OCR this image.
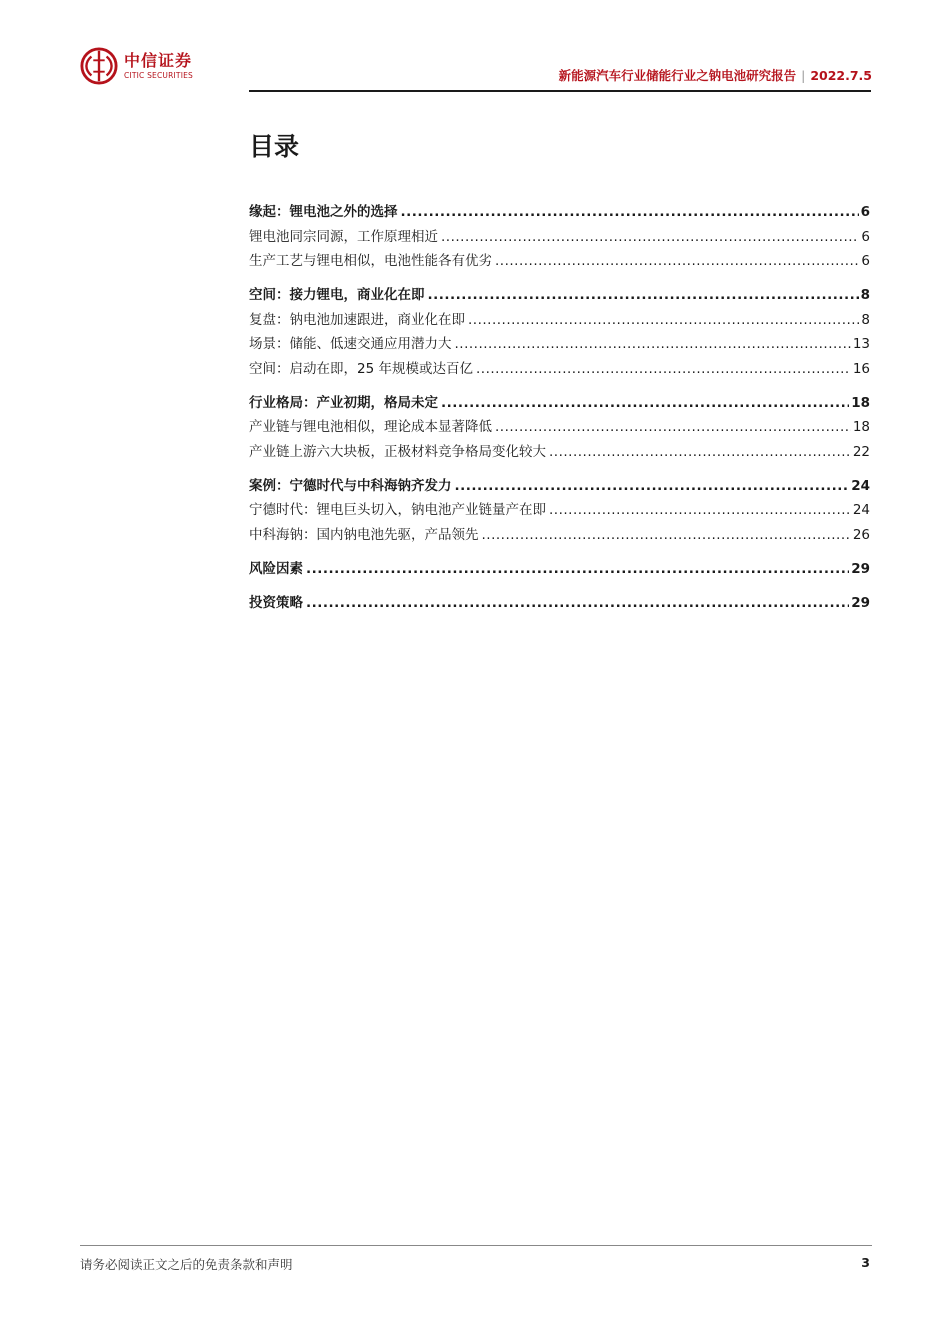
中信证券
CITIC SECURITIES	新能源汽车行业储能行业之钠电池研究报告 | 2022.7.5
目录
缘起：锂电池之外的选择 .....	6
锂电池同宗同源，工作原理相近 .....	6
生产工艺与锂电相似，电池性能各有优劣 .....	6
空间：接力锂电，商业化在即 .....	8
复盘：钠电池加速跟进，商业化在即 .....	8
场景：储能、低速交通应用潜力大 .....	13
空间：启动在即，25 年规模或达百亿 .....	16
行业格局：产业初期，格局未定 .....	18
产业链与锂电池相似，理论成本显著降低 .....	18
产业链上游六大块板，正极材料竞争格局变化较大 .....	22
案例：宁德时代与中科海钠齐发力 .....	24
宁德时代：锂电巨头切入，钠电池产业链量产在即 .....	24
中科海钠：国内钠电池先驱，产品领先 .....	26
风险因素 .....	29
投资策略 .....	29
请务必阅读正文之后的免责条款和声明	3
